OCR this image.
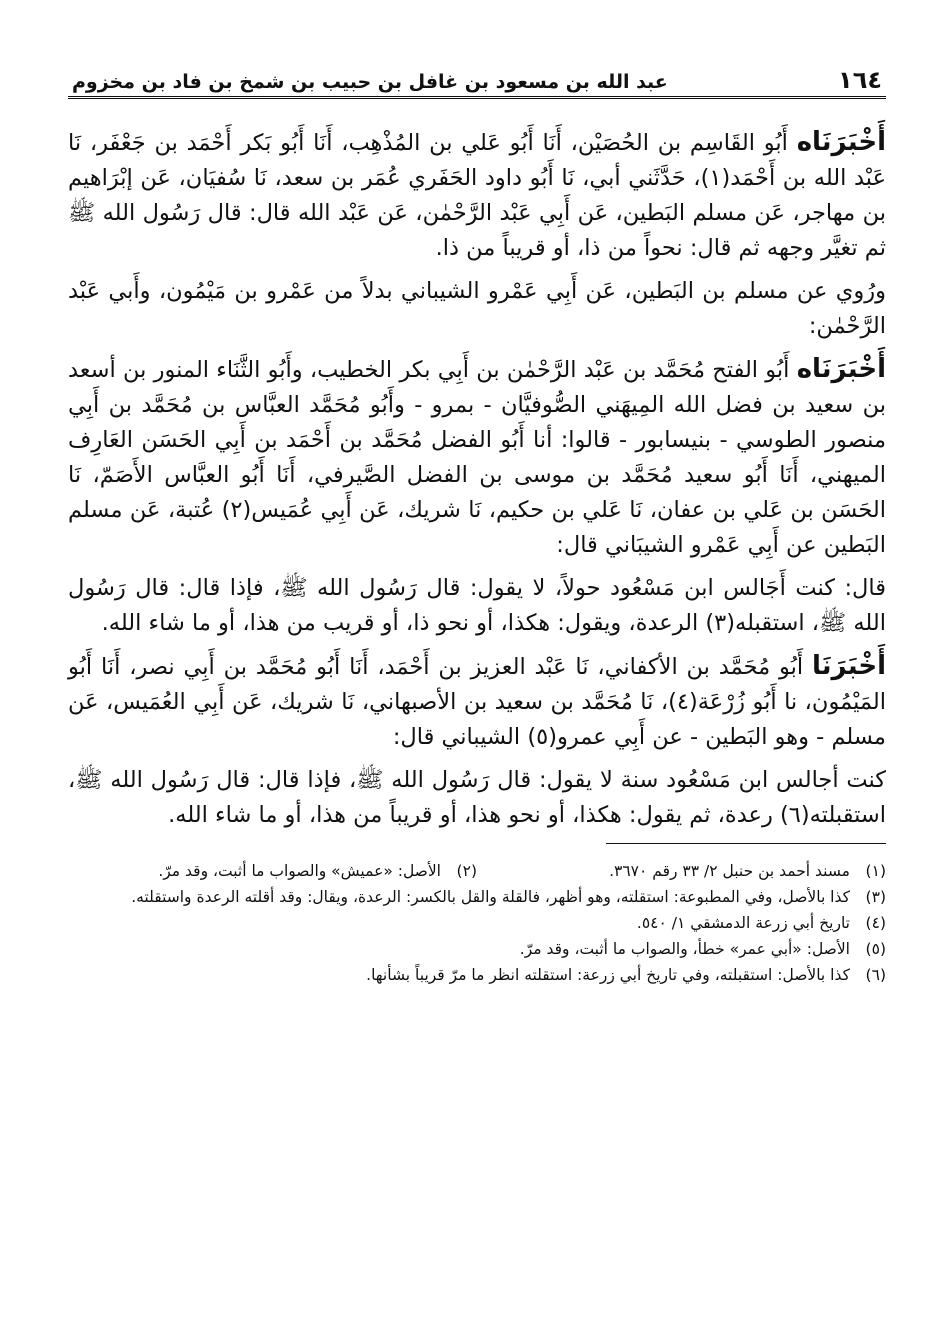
١٦٤
عبد الله بن مسعود بن غافل بن حبيب بن شمخ بن فاد بن مخزوم

أَخْبَرَنَاه أَبُو القَاسِم بن الحُصَيْن، أَنَا أَبُو عَلي بن المُذْهِب، أَنَا أَبُو بَكر أَحْمَد بن جَعْفَر، نَا عَبْد الله بن أَحْمَد(١)، حَدَّثَني أبي، نَا أَبُو داود الحَفَري عُمَر بن سعد، نَا سُفيَان، عَن إبْرَاهيم بن مهاجر، عَن مسلم البَطين، عَن أَبِي عَبْد الرَّحْمٰن، عَن عَبْد الله قال: قال رَسُول الله ﷺ ثم تغيَّر وجهه ثم قال: نحواً من ذا، أو قريباً من ذا.

ورُوي عن مسلم بن البَطين، عَن أَبِي عَمْرو الشيباني بدلاً من عَمْرو بن مَيْمُون، وأَبي عَبْد الرَّحْمٰن:

أَخْبَرَنَاه أَبُو الفتح مُحَمَّد بن عَبْد الرَّحْمٰن بن أَبِي بكر الخطيب، وأَبُو الثَّنَاء المنور بن أسعد بن سعيد بن فضل الله المِيهَني الصُّوفيَّان - بمرو - وأَبُو مُحَمَّد العبَّاس بن مُحَمَّد بن أَبِي منصور الطوسي - بنيسابور - قالوا: أنا أَبُو الفضل مُحَمَّد بن أَحْمَد بن أَبِي الحَسَن العَارِف الميهني، أَنَا أَبُو سعيد مُحَمَّد بن موسى بن الفضل الصَّيرفي، أَنَا أَبُو العبَّاس الأَصَمّ، نَا الحَسَن بن عَلي بن عفان، نَا عَلي بن حكيم، نَا شريك، عَن أَبِي عُمَيس(٢) عُتبة، عَن مسلم البَطين عن أَبِي عَمْرو الشيبَاني قال:

قال: كنت أَجَالس ابن مَسْعُود حولاً، لا يقول: قال رَسُول الله ﷺ، فإذا قال: قال رَسُول الله ﷺ، استقبله(٣) الرعدة، ويقول: هكذا، أو نحو ذا، أو قريب من هذا، أو ما شاء الله.

أَخْبَرَنَا أَبُو مُحَمَّد بن الأكفاني، نَا عَبْد العزيز بن أَحْمَد، أَنَا أَبُو مُحَمَّد بن أَبِي نصر، أَنَا أَبُو المَيْمُون، نا أَبُو زُرْعَة(٤)، نَا مُحَمَّد بن سعيد بن الأصبهاني، نَا شريك، عَن أَبِي العُمَيس، عَن مسلم - وهو البَطين - عن أَبِي عمرو(٥) الشيباني قال:

كنت أجالس ابن مَسْعُود سنة لا يقول: قال رَسُول الله ﷺ، فإذا قال: قال رَسُول الله ﷺ، استقبلته(٦) رعدة، ثم يقول: هكذا، أو نحو هذا، أو قريباً من هذا، أو ما شاء الله.

(١)
مسند أحمد بن حنبل ٢/ ٣٣ رقم ٣٦٧٠.
(٢)
الأصل: «عميش» والصواب ما أثبت، وقد مرّ.
(٣)
كذا بالأصل، وفي المطبوعة: استقلته، وهو أظهر، فالقلة والقل بالكسر: الرعدة، ويقال: وقد أقلته الرعدة واستقلته.
(٤)
تاريخ أبي زرعة الدمشقي ١/ ٥٤٠.
(٥)
الأصل: «أبي عمر» خطأ، والصواب ما أثبت، وقد مرّ.
(٦)
كذا بالأصل: استقبلته، وفي تاريخ أبي زرعة: استقلته انظر ما مرّ قريباً بشأنها.
